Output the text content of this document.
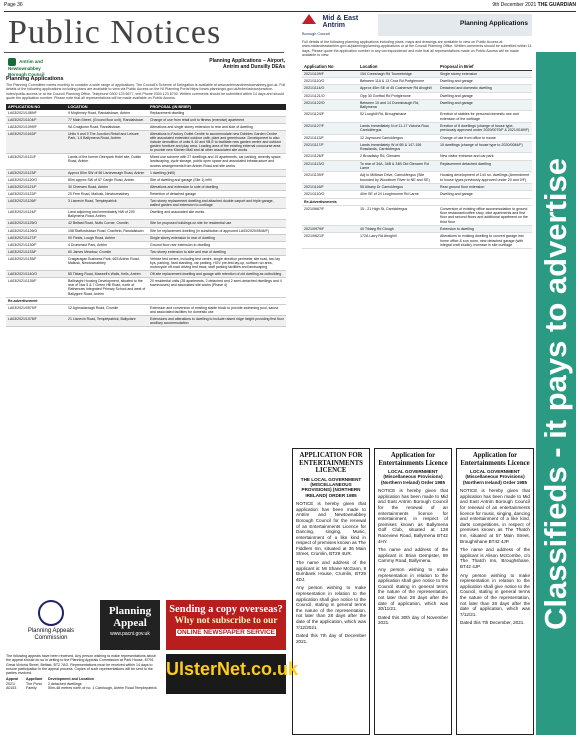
Page 36	9th December 2021 THE GUARDIAN
Public Notices
Antrim and
Newtownabbey
Borough Council
Planning Applications – Airport,
Antrim and Dunsilly DEAs
Planning Applications
The Planning Committee meets monthly to consider a wide range of applications. The Council's Scheme of Delegation is available at www.antrimandnewtownabbey.gov.uk. Full details of the following applications including plans are available to view via Public Access on the NI Planning Portal https://www.planningni.gov.uk/index/advice/practice-notes/public-access or at the Council Planning Office. Telephone 0300 123 6677, text Phone 0300 123 6700. Written comments should be submitted within 14 days and should quote the application number. Please note that all representations will be made available on Public Access.
APPLICATION NO	LOCATION	PROPOSAL (IN BRIEF)
LA03/2021/1089/F	9 Moylinney Road, Randalstown, Antrim	Replacement dwelling
LA03/2021/1104/F	77 Main Street, (Ground floor unit), Randalstown	Change of use from retail unit to fitness (exercise) apartment
LA03/2021/1099/F	9A Craigtown Road, Randalstown	Alterations and single storey extension to rear and side of dwelling
LA03/2021/1162/F	Units 9 and 9 The Junction Retail and Leisure Park, 1-9 Ballymena Road, Antrim	Alterations to Factory Outlet Centre to accommodate new Dobbies Garden Centre with associated extended outdoor café, plant and greenhouse. Development to also include demolition of units 9-10 and 9B-E to facilitate new garden centre and outdoor garden furniture and play area. Loading area of the existing external concourse area to provide new Kitchen Mall and all other associated site works
LA03/2021/1111/F	Lands of the former Deerpark Hotel site, Dublin Road, Antrim	Mixed use scheme with 27 dwellings and 15 apartments, car parking, amenity space, landscaping, cycle storage, public open space and associated infrastructure and access arrangements from Antrim Road and site works
LA03/2021/1123/F	Approx 80m SW of 56 Lisnevenagh Road, Antrim	1 dwelling (infill)
LA03/2021/1120/O	80m approx SW of 57 Cargin Road, Antrim	Site of dwelling and garage (Site 1) infill
LA03/2021/1121/F	30 Cherwen Road, Antrim	Alterations and extension to side of dwelling
LA03/2021/1122/F	20 Fern Road, Mallusk, Newtownabbey	Retention of detached garage
LA03/2021/1126/F	3 Lisnevin Road, Templepatrick	Two storey replacement dwelling and attached double carport and triple garage, walled garden and extension to curtilage
LA03/2021/1124/F	Land adjoining and immediately NW of 200 Ballymena Road, Antrim	Dwelling and associated site works
LA03/2021/1125/O	42 Belfast Road, Nutts Corner, Crumlin	Site for proposed buildings on site for residential use
LA03/2021/1126/O	158 Staffordstown Road, Cranfield, Randalstown	Site for replacement dwelling (in substitution of approved LA03/2020/0546/F)
LA03/2021/1127/F	90 Fields, Lough Road, Antrim	Single storey extension to rear of dwelling
LA03/2021/1130/F	4 Drummaul Park, Antrim	Ground floor rear extension to dwelling
LA03/2021/1133/F	60 James Meadow, Crumlin	Two storey extension to side and rear of dwelling
LA03/2021/1135/F	Craigaragan Business Park, 663 Antrim Road, Mallusk, Newtownabbey	Vehicle test centre, including test centre, single direction perimeter site road, two lay bys, parking, hard standing, car parking, HGV pre-test lay-up, surface run area, motorcycle off-road driving test track, staff parking facilities and landscaping
LA03/2021/1140/O	85 Tildarg Road, Maxwell's Walls, Kells, Antrim	Off-site replacement dwelling and garage with retention of old dwelling as outbuilding
LA03/2021/1135/F	Ballinaght Housing Development, situated to the rear of Nos 5 & 7 Green Hill Road, north of Rathenraw Integrated Primary School and west of Ballygore Road, Antrim	20 residential units (28 apartments, 2 detached and 2 semi-detached dwellings and 4 townhouses) and associated site works (Phase 4)
Re-advertisement		
LA03/2021/0579/F	12 Aghnadarragh Road, Crumlin	Extension and conversion of existing stable block to provide swimming pool, sauna and associated facilities for domestic use
LA03/2021/1078/F	21 Lisnevin Road, Templepatrick, Ballyclare	Extensions and alterations to dwelling to include raised ridge height providing first floor ancillary accommodation
Mid & East
Antrim
Borough Council
Planning Applications
Full details of the following planning applications including plans, maps and drawings are available to view on Public Access at www.midandeastantrim.gov.uk/planning/planning-applications or at the Council Planning Office. Written comments should be submitted within 14 days. Please quote the application number in any correspondence and note that all representations made on Public Access will be made available to view.
Application No	Location	Proposal in Brief
2021/1109/F	154 Creeshagh Rd Toomebridge	Single storey extension
2021/1110/O	Between 11A & 13 Croa Rd Portglenone	Dwelling and garage
2021/1114/O	Approx 45m SE of 45 Cushenver Rd Ahoghill	Detached and domestic dwelling
2021/1121/O	Opp 30 Gortfad Rd Portglenone	Dwelling and garage
2021/1122/O	Between 10 and 14 Dunminaugh Rd, Ballymena	Dwelling and garage
2021/1124/F	52 Loughill Rd, Broughshane	Erection of stables for personal domestic use and extension of the curtilage
2021/1127/F	Lands immediately N of 11-17 Victoria Row, Carrickfergus	Erection of 8 dwellings (change of house type, previously approved under 2020/0079/F & 2021/0189/F)
2021/1113/F	12 Joymount Carrickfergus	Change of use from office to house
2021/1117/F	Lands immediately W of 6B & 147-156 Rosslands, Carrickfergus	15 dwellings (change of house type to 2020/0084/F)
2021/1126/F	2 Broadisky Rd, Glenarm	New visitor entrance and car park
2021/1113/O	To rear of 34A, 34B & 34B Old Glenarm Rd Larne	Replacement detached dwelling
2021/1139/F	Adj to Milltown Drive, Carrickfergus (Site bounded by Woodburn River to NE and SE)	Housing development of 144 no. dwellings (Amendment to house types previously approved under 20 and 0/F)
2021/1116/F	55 Albany Dr Carrickfergus	Rear ground floor extension
2021/1110/O	40m SE of 24 Loughmorne Rd Larne	Dwelling and garage
Re-Advertisements		
2021/0667/F	15 - 21 High St, Carrickfergus	Conversion of existing office accommodation to ground floor restaurant/coffee shop, bike apartments and first floor and second floors and additional apartment on the third floor
2021/0979/F	40 Tildarg Rd Clough	Extension to dwelling
2021/0621/F	172A Larry Rd Ahoghill	Alterations to existing dwelling to convert garage into home office & sun room, new detached garage (with integral craft studio), increase in site curtilage
APPLICATION FOR ENTERTAINMENTS LICENCE
THE LOCAL GOVERNMENT (MISCELLANEOUS PROVISIONS) (NORTHERN IRELAND) ORDER 1985

NOTICE is hereby given that application has been made to Antrim and Newtownabbey Borough Council for the renewal of an Entertainments Licence for Dancing, singing, Music, entertainment of a like kind in respect of premises known as The Fiddlers Inn, situated at 36 Main Street, Crumlin, BT29 4UR.

The name and address of the applicant is: Mr Shane McGann, 9 Burnbank House, Crumlin, BT29 4DJ.

Any person wishing to make representation in relation to the application shall give notice to the Council, stating in general terms the nature of the representation, not later than 28 days after the date of the application, which was 7/12/2021.

Dated this 7th day of December 2021.

Application for Entertainments Licence
LOCAL GOVERNMENT (Miscellaneous Provisions) (Northern Ireland) Order 1985

NOTICE is hereby given that application has been made to Mid and East Antrim Borough Council for the renewal of an entertainments licence for entertainment, in respect of premises known as Ballymena Golf Club, situated at 128 Raceview Road, Ballymena BT42 4HY.

The name and address of the applicant is Brian Dempster, 89 Carnmy Road, Ballymena.

Any person wishing to make representation in relation to the application shall give notice to the Council stating in general terms the nature of the representation, not later than 28 days after the date of application, which was 30/11/21.

Dated this 30th day of November 2021.

Application for Entertainments Licence
LOCAL GOVERNMENT (Miscellaneous Provisions) (Northern Ireland) Order 1985

NOTICE is hereby given that application has been made to Mid and East Antrim Borough Council for renewal of an entertainments licence for music, singing, dancing and entertainment of a like kind, darts competitions, in respect of premises known as The Thatch Inn, situated at 57 Main Street, Broughshane BT42 4JP.

The name and address of the applicant is Alison McCombe, c/o The Thatch Inn, Broughshane, BT42 4JP.

Any person wishing to make representation in relation to the application shall give notice to the Council, stating in general terms the nature of the representation, not later than 28 days after the date of application, which was 7/12/21.

Dated this 7th December, 2021.

Planning Appeals
Commission
Planning
Appeal
www.pacni.gov.uk
Sending a copy overseas?
Why not subscribe to our
ONLINE NEWSPAPER SERVICE
The following appeals have been received. Any person wishing to make representations about the appeal should do so in writing to the Planning Appeals Commission at Park House, 87/91 Great Victoria Street, Belfast, BT2 7AG. Representations must be received within 14 days to ensure participation in the appeal process. Copies of such representations will be sent to the parties involved.
Appeal	Appellant	Development and Location
2021/	The Pond	2 detached dwellings
A0153	Family	50m-48 metres north of no. 1 Carnlough, Antrim Road Templepatrick
UlsterNet.co.uk
Classifieds - it pays to advertise
